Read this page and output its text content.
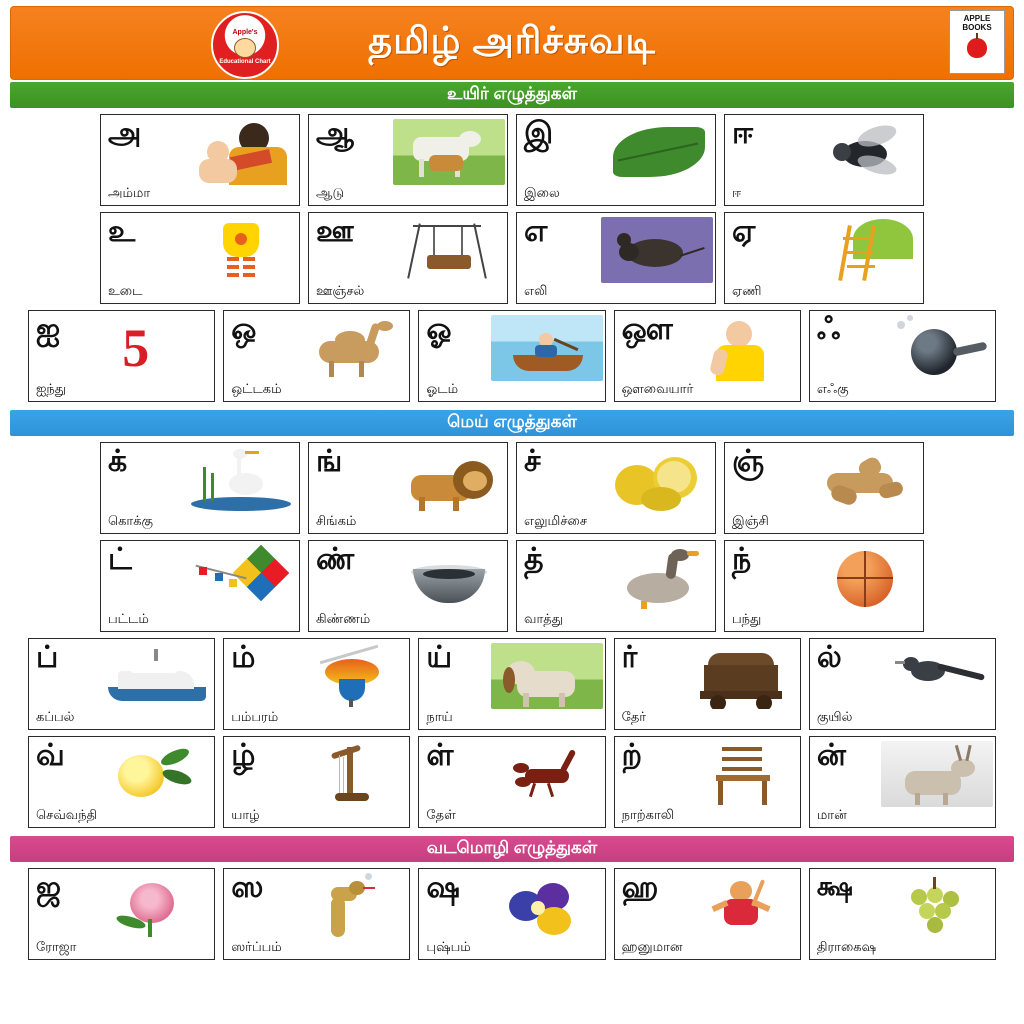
Apple's
Educational Chart
தமிழ் அரிச்சுவடி
APPLE BOOKS
உயிர் எழுத்துகள்
அ
அம்மா
ஆ
ஆடு
இ
இலை
ஈ
ஈ
உ
உடை
ஊ
ஊஞ்சல்
எ
எலி
ஏ
ஏணி
ஐ 5
ஐந்து
ஒ
ஒட்டகம்
ஓ
ஓடம்
ஔ
ஔவையார்
ஃ
எஃகு
மெய் எழுத்துகள்
க்
கொக்கு
ங்
சிங்கம்
ச்
எலுமிச்சை
ஞ்
இஞ்சி
ட்
பட்டம்
ண்
கிண்ணம்
த்
வாத்து
ந்
பந்து
ப்
கப்பல்
ம்
பம்பரம்
ய்
நாய்
ர்
தேர்
ல்
குயில்
வ்
செவ்வந்தி
ழ்
யாழ்
ள்
தேள்
ற்
நாற்காலி
ன்
மான்
வடமொழி எழுத்துகள்
ஜ
ரோஜா
ஸ
ஸர்ப்பம்
ஷ
புஷ்பம்
ஹ
ஹனுமான
க்ஷ
திராகைஷ
